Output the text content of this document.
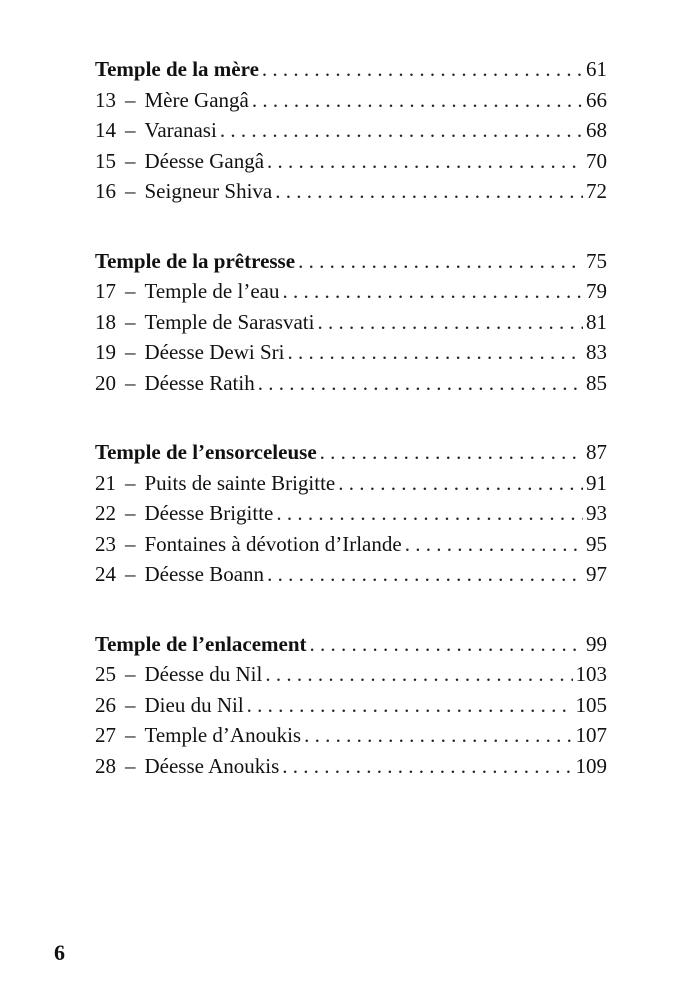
Temple de la mère . . .	61
13 – Mère Gangâ . . .	66
14 – Varanasi . . .	68
15 – Déesse Gangâ . . .	70
16 – Seigneur Shiva . . .	72
Temple de la prêtresse . . .	75
17 – Temple de l’eau . . .	79
18 – Temple de Sarasvati . . .	81
19 – Déesse Dewi Sri . . .	83
20 – Déesse Ratih . . .	85
Temple de l’ensorceleuse . . .	87
21 – Puits de sainte Brigitte . . .	91
22 – Déesse Brigitte . . .	93
23 – Fontaines à dévotion d’Irlande . . .	95
24 – Déesse Boann . . .	97
Temple de l’enlacement . . .	99
25 – Déesse du Nil . . .	103
26 – Dieu du Nil . . .	105
27 – Temple d’Anoukis . . .	107
28 – Déesse Anoukis . . .	109
6
